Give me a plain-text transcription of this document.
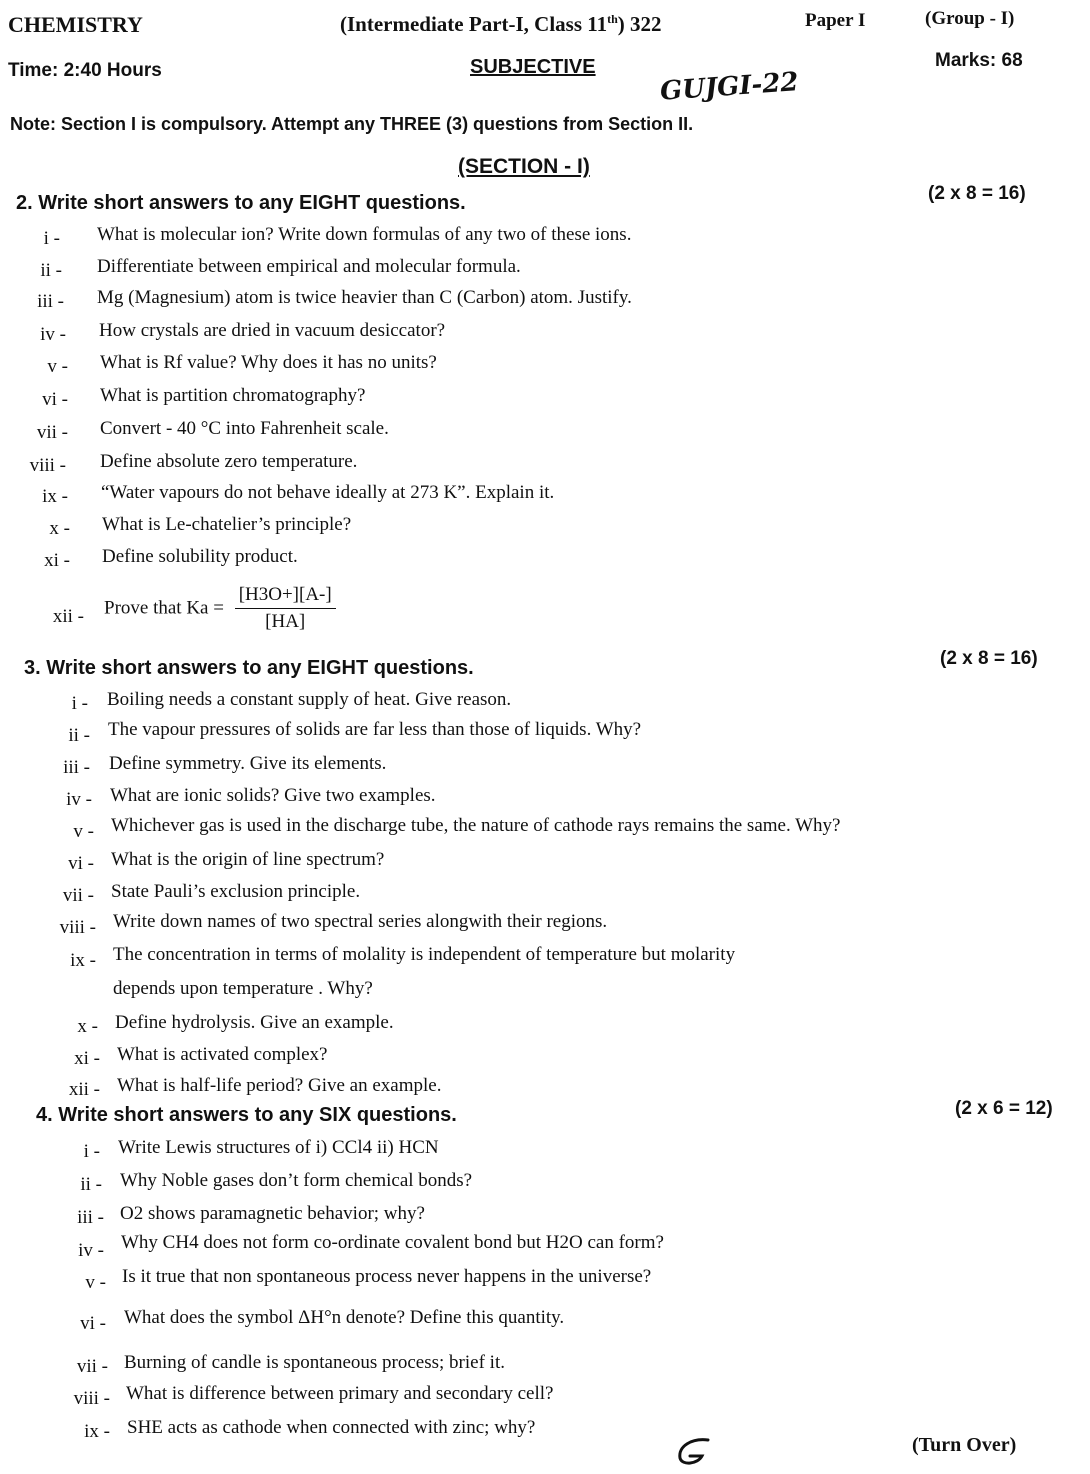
CHEMISTRY	(Intermediate Part-I, Class 11th) 322	Paper I	(Group - I)
Time: 2:40 Hours	SUBJECTIVE
GUJGI-22
Marks: 68
Note: Section I is compulsory. Attempt any THREE (3) questions from Section II.
(SECTION - I)
2. Write short answers to any EIGHT questions.	(2 x 8 = 16)
i - What is molecular ion? Write down formulas of any two of these ions.
ii - Differentiate between empirical and molecular formula.
iii - Mg (Magnesium) atom is twice heavier than C (Carbon) atom. Justify.
iv - How crystals are dried in vacuum desiccator?
v - What is Rf value? Why does it has no units?
vi - What is partition chromatography?
vii - Convert - 40 °C into Fahrenheit scale.
viii - Define absolute zero temperature.
ix - “Water vapours do not behave ideally at 273 K”. Explain it.
x - What is Le-chatelier’s principle?
xi - Define solubility product.
xii - Prove that $Ka = \frac{[H3O+][A-]}{[HA]}$
3. Write short answers to any EIGHT questions.	(2 x 8 = 16)
i - Boiling needs a constant supply of heat. Give reason.
ii - The vapour pressures of solids are far less than those of liquids. Why?
iii - Define symmetry. Give its elements.
iv - What are ionic solids? Give two examples.
v - Whichever gas is used in the discharge tube, the nature of cathode rays remains the same. Why?
vi - What is the origin of line spectrum?
vii - State Pauli’s exclusion principle.
viii - Write down names of two spectral series alongwith their regions.
ix - The concentration in terms of molality is independent of temperature but molarity
depends upon temperature . Why?
x - Define hydrolysis. Give an example.
xi - What is activated complex?
xii - What is half-life period? Give an example.
4. Write short answers to any SIX questions.	(2 x 6 = 12)
i - Write Lewis structures of i) CCl4 ii) HCN
ii - Why Noble gases don’t form chemical bonds?
iii - O2 shows paramagnetic behavior; why?
iv - Why CH4 does not form co-ordinate covalent bond but H2O can form?
v - Is it true that non spontaneous process never happens in the universe?
vi - What does the symbol ΔH°n denote? Define this quantity.
vii - Burning of candle is spontaneous process; brief it.
viii - What is difference between primary and secondary cell?
ix - SHE acts as cathode when connected with zinc; why?
(Turn Over)
